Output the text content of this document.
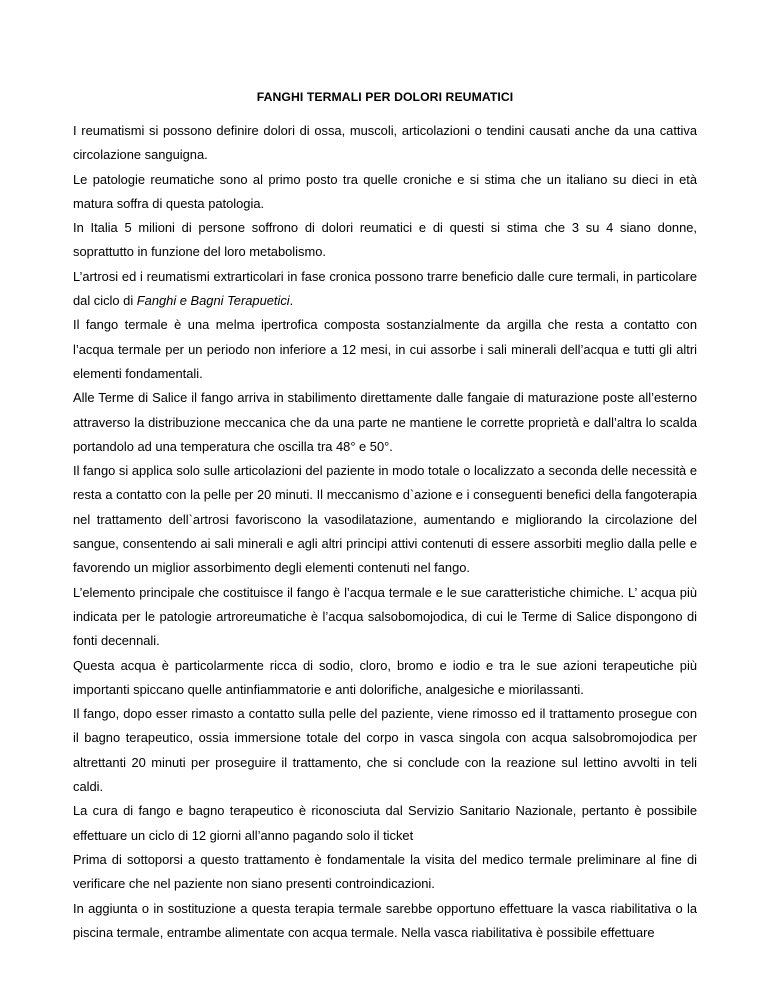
FANGHI TERMALI PER DOLORI REUMATICI

I reumatismi si possono definire dolori di ossa, muscoli, articolazioni o tendini causati anche da una cattiva circolazione sanguigna.

Le patologie reumatiche sono al primo posto tra quelle croniche e si stima che un italiano su dieci in età matura soffra di questa patologia.

In Italia 5 milioni di persone soffrono di dolori reumatici e di questi si stima che 3 su 4 siano donne, soprattutto in funzione del loro metabolismo.

L’artrosi ed i reumatismi extrarticolari in fase cronica possono trarre beneficio dalle cure termali, in particolare dal ciclo di Fanghi e Bagni Terapuetici.

Il fango termale è una melma ipertrofica composta sostanzialmente da argilla che resta a contatto con l’acqua termale per un periodo non inferiore a 12 mesi, in cui assorbe i sali minerali dell’acqua e tutti gli altri elementi fondamentali.

Alle Terme di Salice il fango arriva in stabilimento direttamente dalle fangaie di maturazione poste all’esterno attraverso la distribuzione meccanica che da una parte ne mantiene le corrette proprietà e dall’altra lo scalda portandolo ad una temperatura che oscilla tra 48° e 50°.

Il fango si applica solo sulle articolazioni del paziente in modo totale o localizzato a seconda delle necessità e resta a contatto con la pelle per 20 minuti. Il meccanismo d`azione e i conseguenti benefici della fangoterapia nel trattamento dell`artrosi favoriscono la vasodilatazione, aumentando e migliorando la circolazione del sangue, consentendo ai sali minerali e agli altri principi attivi contenuti di essere assorbiti meglio dalla pelle e favorendo un miglior assorbimento degli elementi contenuti nel fango.

L’elemento principale che costituisce il fango è l’acqua termale e le sue caratteristiche chimiche. L’ acqua più indicata per le patologie artroreumatiche è l’acqua salsobomojodica, di cui le Terme di Salice dispongono di fonti decennali.

Questa acqua è particolarmente ricca di sodio, cloro, bromo e iodio e tra le sue azioni terapeutiche più importanti spiccano quelle antinfiammatorie e anti dolorifiche, analgesiche e miorilassanti.

Il fango, dopo esser rimasto a contatto sulla pelle del paziente, viene rimosso ed il trattamento prosegue con il bagno terapeutico, ossia immersione totale del corpo in vasca singola con acqua salsobromojodica per altrettanti 20 minuti per proseguire il trattamento, che si conclude con la reazione sul lettino avvolti in teli caldi.

La cura di fango e bagno terapeutico è riconosciuta dal Servizio Sanitario Nazionale, pertanto è possibile effettuare un ciclo di 12 giorni all’anno pagando solo il ticket

Prima di sottoporsi a questo trattamento è fondamentale la visita del medico termale preliminare al fine di verificare che nel paziente non siano presenti controindicazioni.

In aggiunta o in sostituzione a questa terapia termale sarebbe opportuno effettuare la vasca riabilitativa o la piscina termale, entrambe alimentate con acqua termale. Nella vasca riabilitativa è possibile effettuare
